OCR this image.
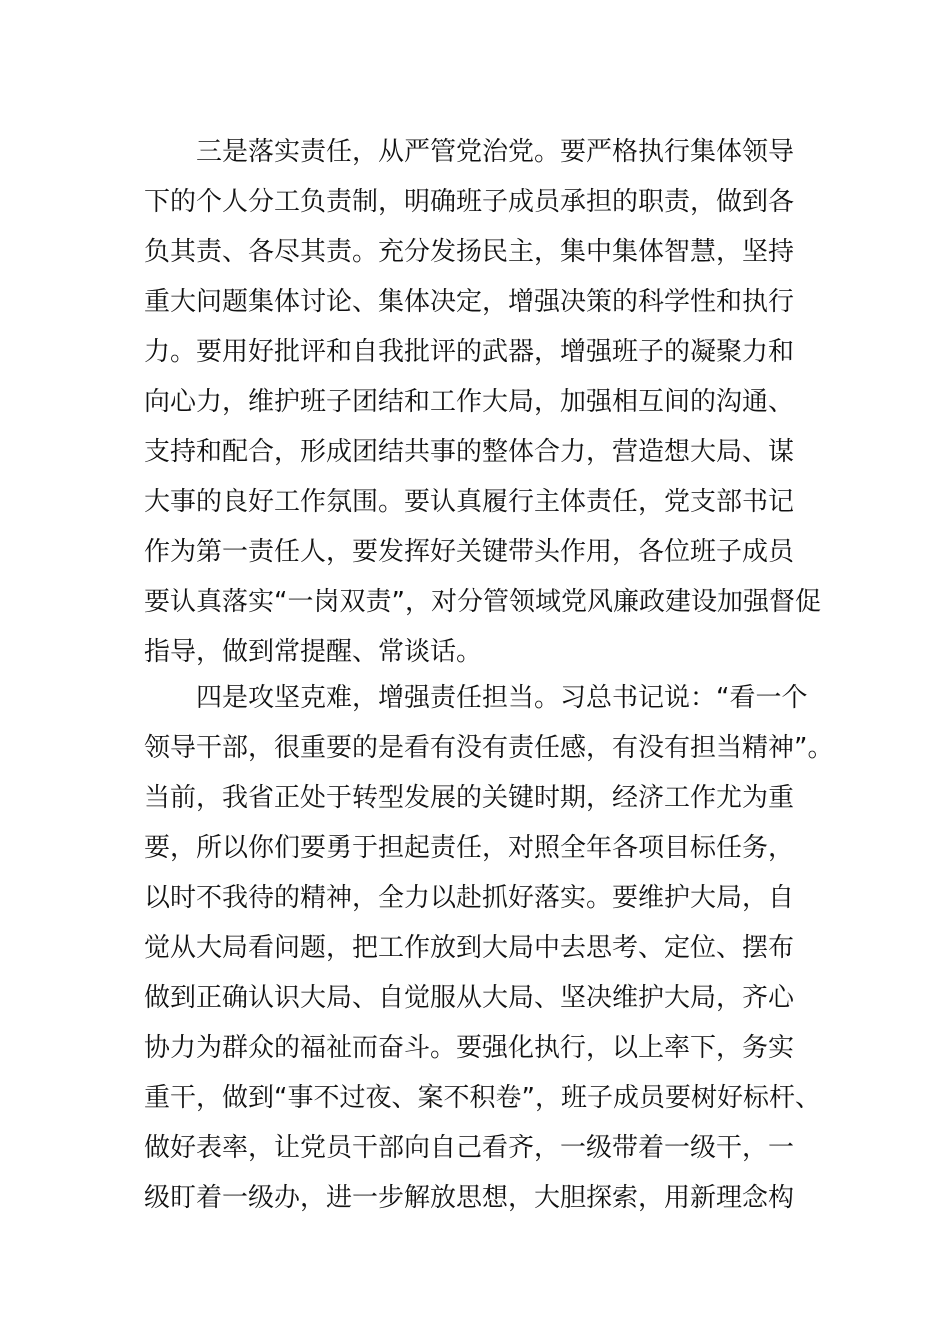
三是落实责任，从严管党治党。要严格执行集体领导
下的个人分工负责制，明确班子成员承担的职责，做到各
负其责、各尽其责。充分发扬民主，集中集体智慧，坚持
重大问题集体讨论、集体决定，增强决策的科学性和执行
力。要用好批评和自我批评的武器，增强班子的凝聚力和
向心力，维护班子团结和工作大局，加强相互间的沟通、
支持和配合，形成团结共事的整体合力，营造想大局、谋
大事的良好工作氛围。要认真履行主体责任，党支部书记
作为第一责任人，要发挥好关键带头作用，各位班子成员
要认真落实“一岗双责”，对分管领域党风廉政建设加强督促
指导，做到常提醒、常谈话。
四是攻坚克难，增强责任担当。习总书记说：“看一个
领导干部，很重要的是看有没有责任感，有没有担当精神”。
当前，我省正处于转型发展的关键时期，经济工作尤为重
要，所以你们要勇于担起责任，对照全年各项目标任务，
以时不我待的精神，全力以赴抓好落实。要维护大局，自
觉从大局看问题，把工作放到大局中去思考、定位、摆布
做到正确认识大局、自觉服从大局、坚决维护大局，齐心
协力为群众的福祉而奋斗。要强化执行，以上率下，务实
重干，做到“事不过夜、案不积卷”，班子成员要树好标杆、
做好表率，让党员干部向自己看齐，一级带着一级干，一
级盯着一级办，进一步解放思想，大胆探索，用新理念构
